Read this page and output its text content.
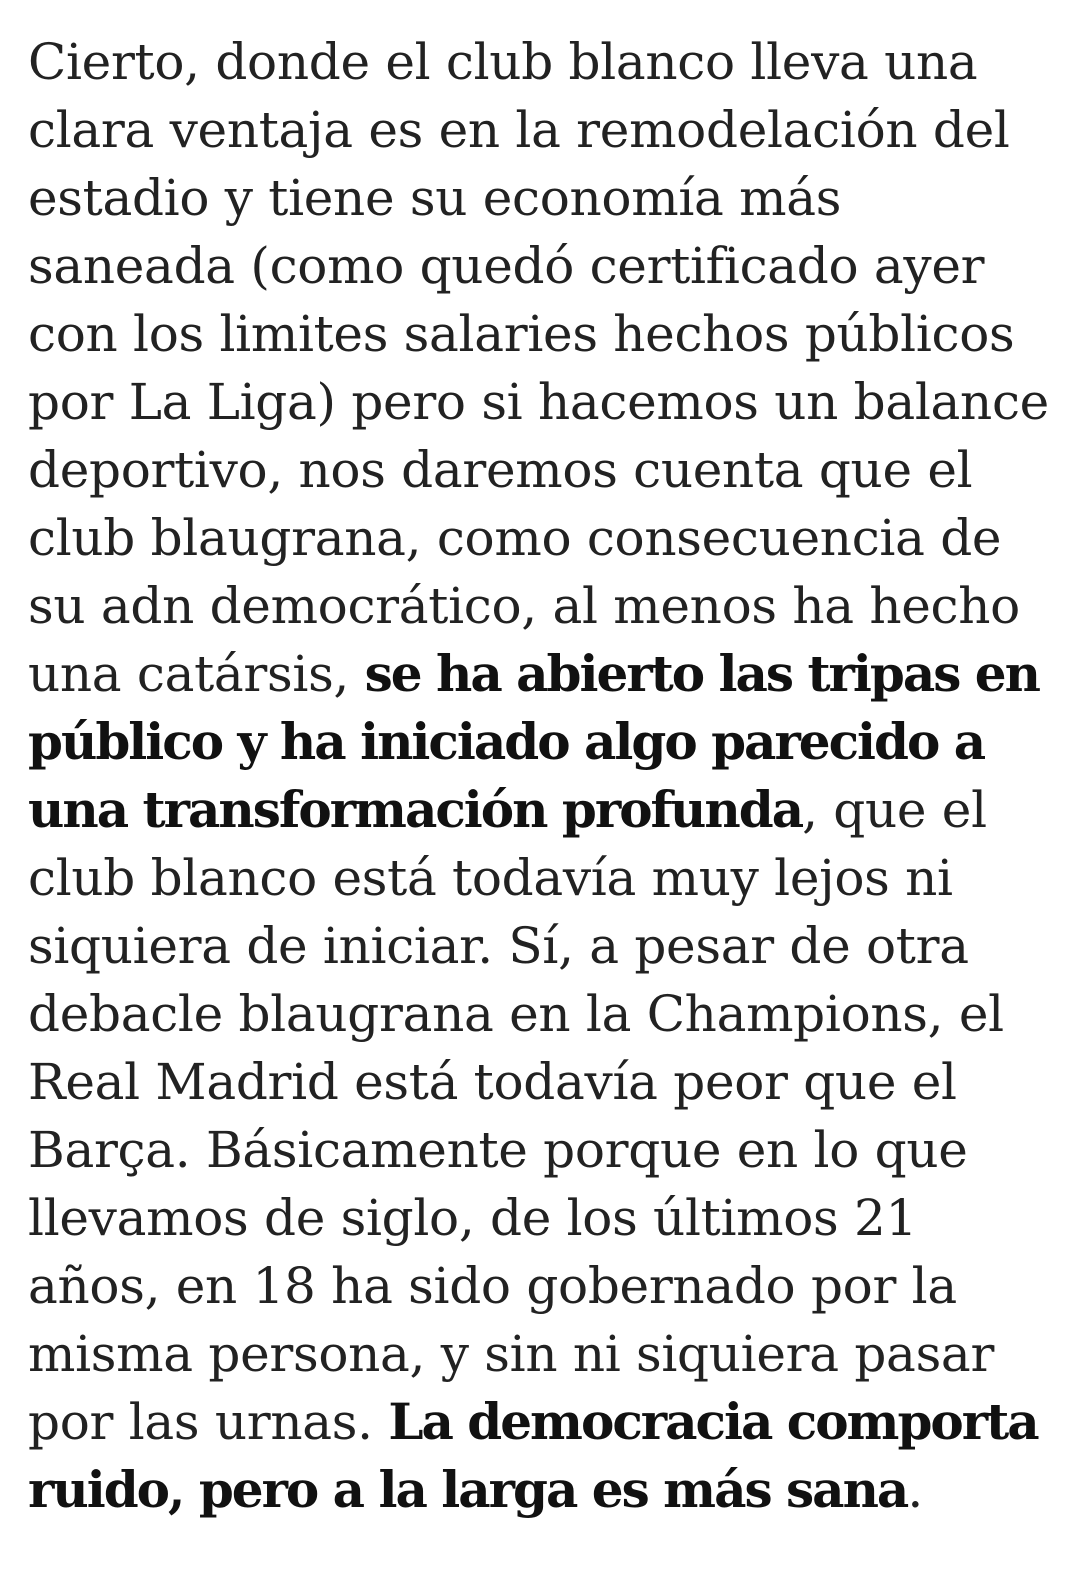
Cierto, donde el club blanco lleva una
clara ventaja es en la remodelación del
estadio y tiene su economía más
saneada (como quedó certificado ayer
con los limites salaries hechos públicos
por La Liga) pero si hacemos un balance
deportivo, nos daremos cuenta que el
club blaugrana, como consecuencia de
su adn democrático, al menos ha hecho
una catársis, se ha abierto las tripas en
público y ha iniciado algo parecido a
una transformación profunda, que el
club blanco está todavía muy lejos ni
siquiera de iniciar. Sí, a pesar de otra
debacle blaugrana en la Champions, el
Real Madrid está todavía peor que el
Barça. Básicamente porque en lo que
llevamos de siglo, de los últimos 21
años, en 18 ha sido gobernado por la
misma persona, y sin ni siquiera pasar
por las urnas. La democracia comporta
ruido, pero a la larga es más sana.
